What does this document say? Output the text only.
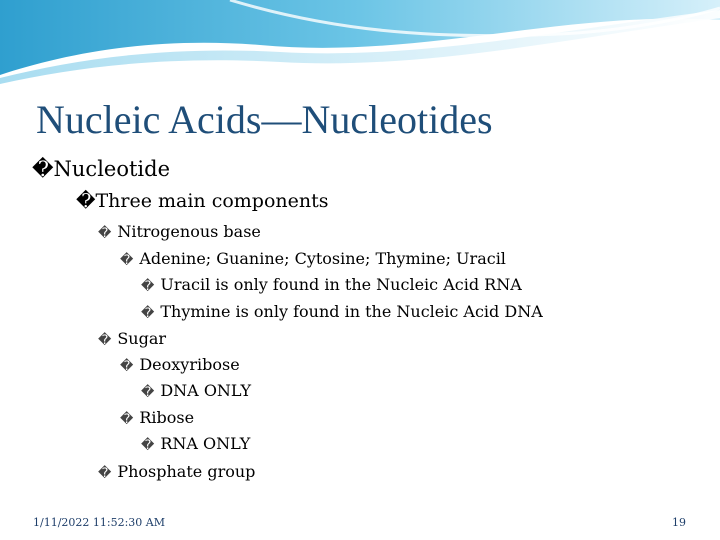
Nucleic Acids—Nucleotides
�Nucleotide
�Three main components
� Nitrogenous base
� Adenine; Guanine; Cytosine; Thymine; Uracil
� Uracil is only found in the Nucleic Acid RNA
� Thymine is only found in the Nucleic Acid DNA
� Sugar
� Deoxyribose
� DNA ONLY
� Ribose
� RNA ONLY
� Phosphate group
1/11/2022 11:52:30 AM	19
